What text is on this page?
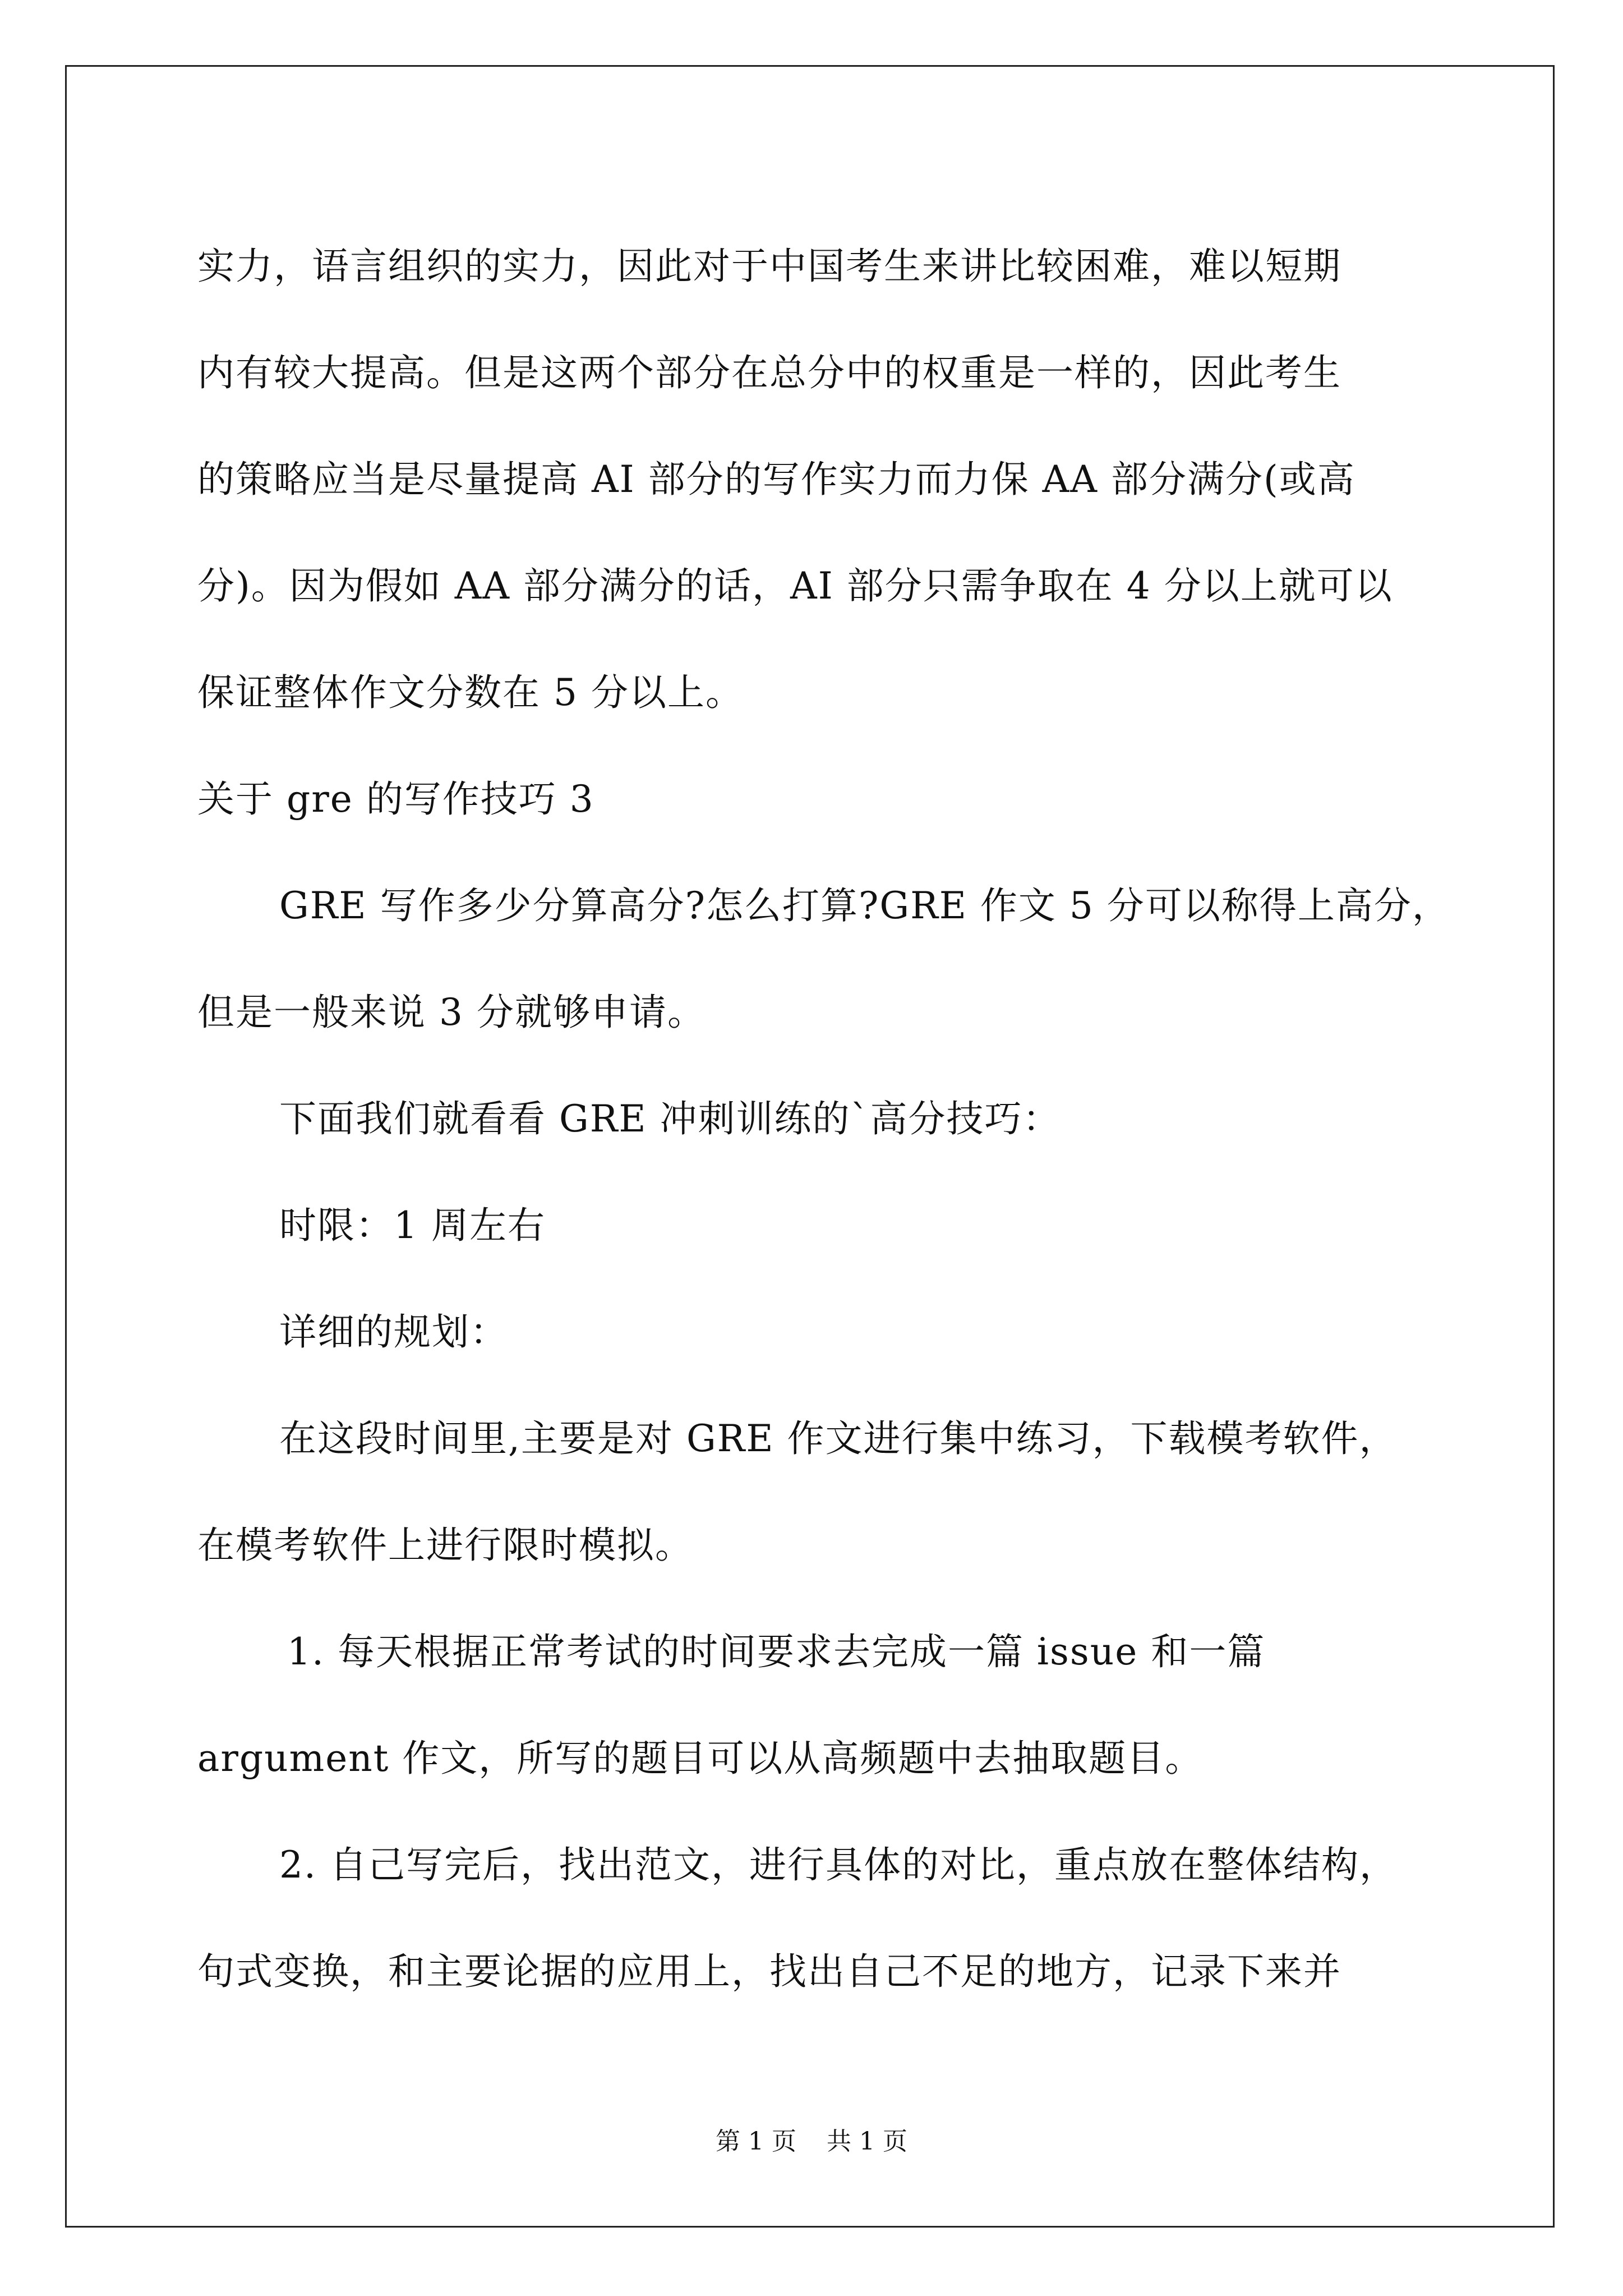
实力，语言组织的实力，因此对于中国考生来讲比较困难，难以短期
内有较大提高。但是这两个部分在总分中的权重是一样的，因此考生
的策略应当是尽量提高 AI 部分的写作实力而力保 AA 部分满分(或高
分)。因为假如 AA 部分满分的话，AI 部分只需争取在 4 分以上就可以
保证整体作文分数在 5 分以上。
关于 gre 的写作技巧 3
GRE 写作多少分算高分?怎么打算?GRE 作文 5 分可以称得上高分，
但是一般来说 3 分就够申请。
下面我们就看看 GRE 冲刺训练的`高分技巧：
时限：1 周左右
详细的规划：
在这段时间里,主要是对 GRE 作文进行集中练习，下载模考软件，
在模考软件上进行限时模拟。
1. 每天根据正常考试的时间要求去完成一篇 issue 和一篇
argument 作文，所写的题目可以从高频题中去抽取题目。
2. 自己写完后，找出范文，进行具体的对比，重点放在整体结构，
句式变换，和主要论据的应用上，找出自己不足的地方，记录下来并
第 1 页 共 1 页
